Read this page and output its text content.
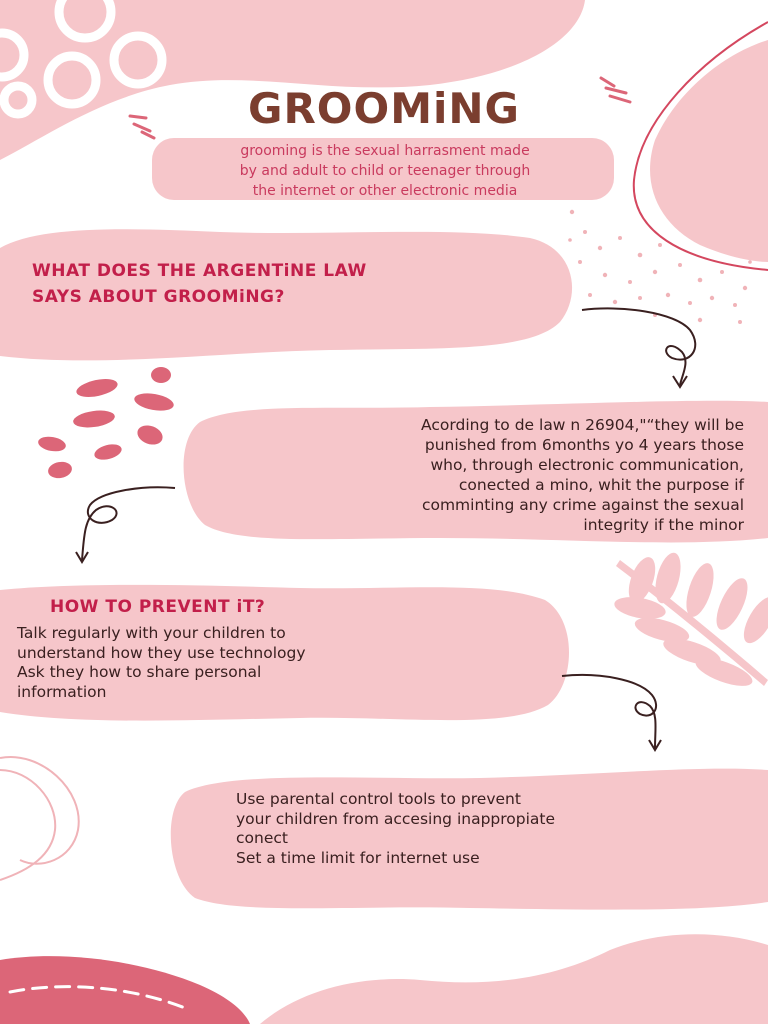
GROOMiNG
grooming is the sexual harrasment made
by and adult to child or teenager through
the internet or other electronic media
WHAT DOES THE ARGENTiNE LAW
SAYS ABOUT GROOMiNG?
Acording to de law n 26904,"“they will be
punished from 6months yo 4 years those
who, through electronic communication,
conected a mino, whit the purpose if
comminting any crime against the sexual
integrity if the minor
HOW TO PREVENT iT?
Talk regularly with your children to
understand how they use technology
Ask they how to share personal
information
Use parental control tools to prevent
your children from accesing inappropiate
conect
Set a time limit for internet use
